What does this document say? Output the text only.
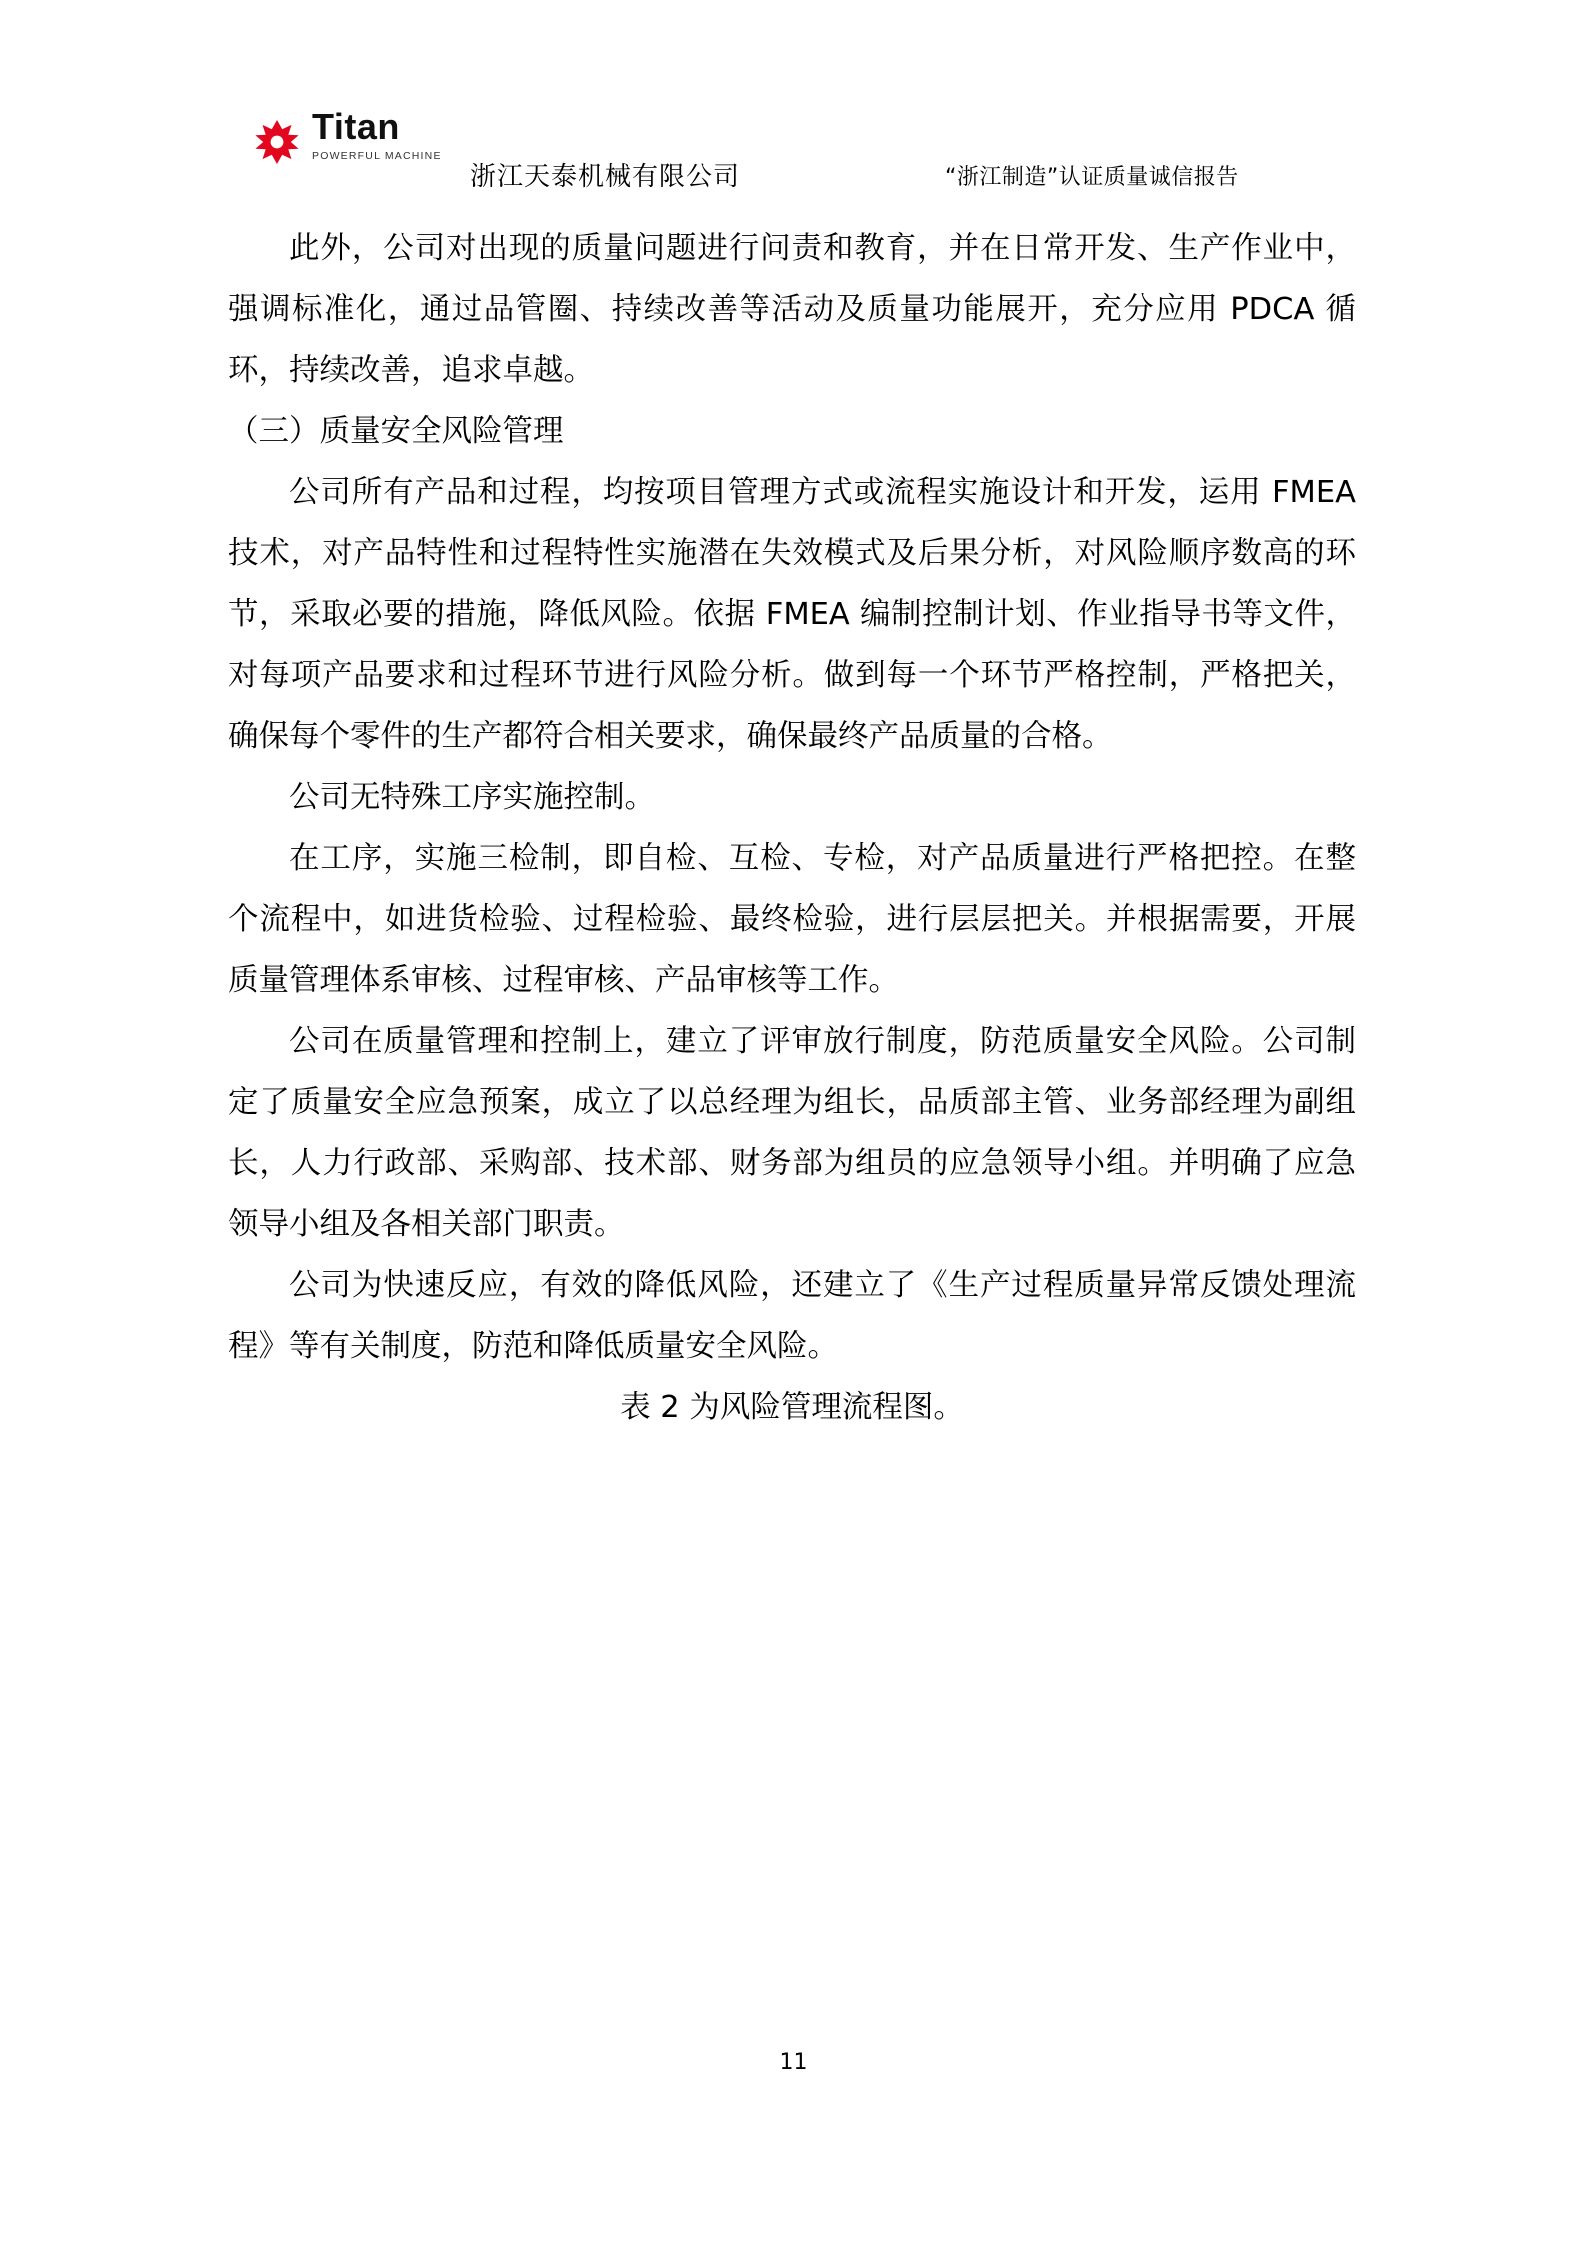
Titan
POWERFUL MACHINE
浙江天泰机械有限公司	“浙江制造”认证质量诚信报告

此外，公司对出现的质量问题进行问责和教育，并在日常开发、生产作业中，强调标准化，通过品管圈、持续改善等活动及质量功能展开，充分应用 PDCA 循环，持续改善，追求卓越。

（三）质量安全风险管理

公司所有产品和过程，均按项目管理方式或流程实施设计和开发，运用 FMEA 技术，对产品特性和过程特性实施潜在失效模式及后果分析，对风险顺序数高的环节，采取必要的措施，降低风险。依据 FMEA 编制控制计划、作业指导书等文件，对每项产品要求和过程环节进行风险分析。做到每一个环节严格控制，严格把关，确保每个零件的生产都符合相关要求，确保最终产品质量的合格。

公司无特殊工序实施控制。

在工序，实施三检制，即自检、互检、专检，对产品质量进行严格把控。在整个流程中，如进货检验、过程检验、最终检验，进行层层把关。并根据需要，开展质量管理体系审核、过程审核、产品审核等工作。

公司在质量管理和控制上，建立了评审放行制度，防范质量安全风险。公司制定了质量安全应急预案，成立了以总经理为组长，品质部主管、业务部经理为副组长，人力行政部、采购部、技术部、财务部为组员的应急领导小组。并明确了应急领导小组及各相关部门职责。

公司为快速反应，有效的降低风险，还建立了《生产过程质量异常反馈处理流程》等有关制度，防范和降低质量安全风险。

表 2 为风险管理流程图。

11
